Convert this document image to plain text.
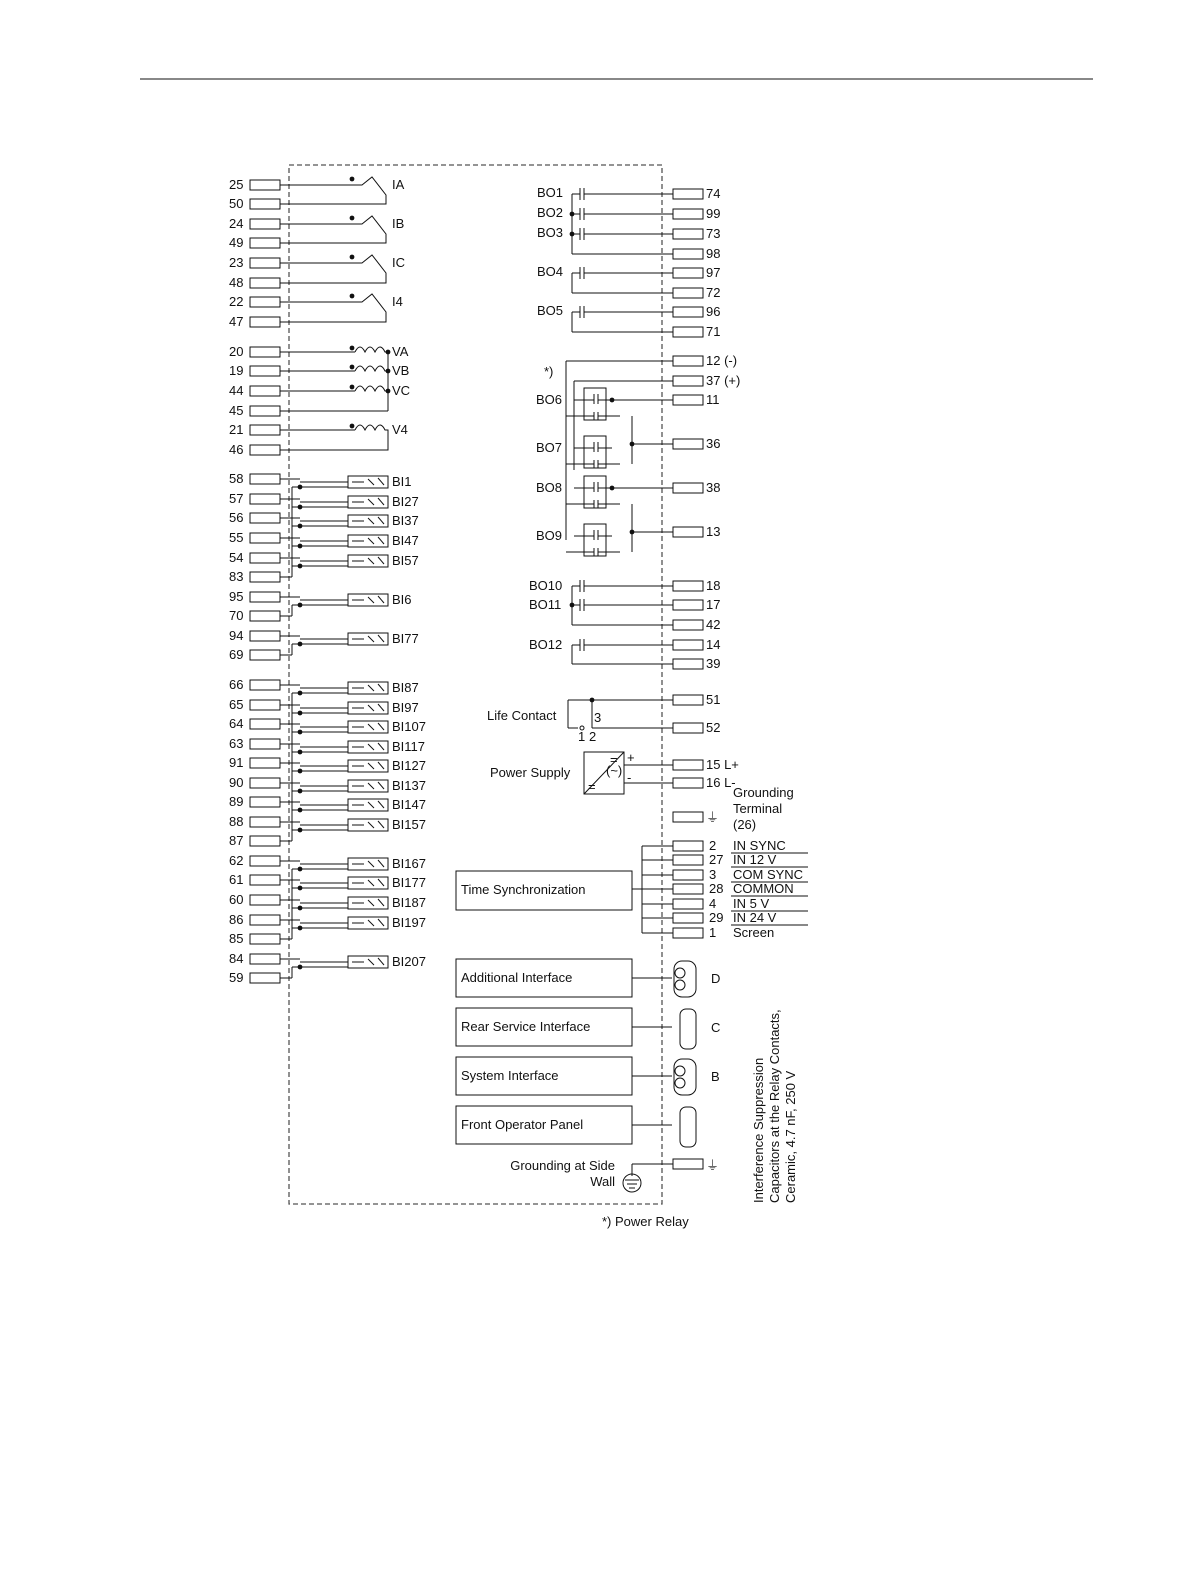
25
50
IA
24
49
IB
23
48
IC
22
47
I4
20
19
44
45
21
46
VA
VB
VC
V4
58	BI1
57	BI27
56	BI37
55	BI47
54	BI57
83
95	BI6
70
94	BI77
69
66	BI87
65	BI97
64	BI107
63	BI117
91	BI127
90	BI137
89	BI147
88	BI157
87
62	BI167
61	BI177
60	BI187
86	BI197
85
84	BI207
59
74
BO1
99
BO2
73
BO3
98
97
BO4
72
96
BO5
71
*)
12 (-)
37 (+)
11
36
38
13
BO6
BO7
BO8
BO9
18
BO10
17
BO11
42
14
BO12
39
Life Contact
51
52
1 2
3
Power Supply
=
(~)
=
+
-
15 L+
16 L-
⏚
Grounding
Terminal
(26)
Time Synchronization
2 IN SYNC
27 IN 12 V
3 COM SYNC
28 COMMON
4 IN 5 V
29 IN 24 V
1 Screen
Additional Interface	D
Rear Service Interface	C
System Interface	B
Front Operator Panel
Grounding at Side
Wall
⏚ Interference Suppression Capacitors at the Relay Contacts, Ceramic, 4.7 nF, 250 V
*) Power Relay
